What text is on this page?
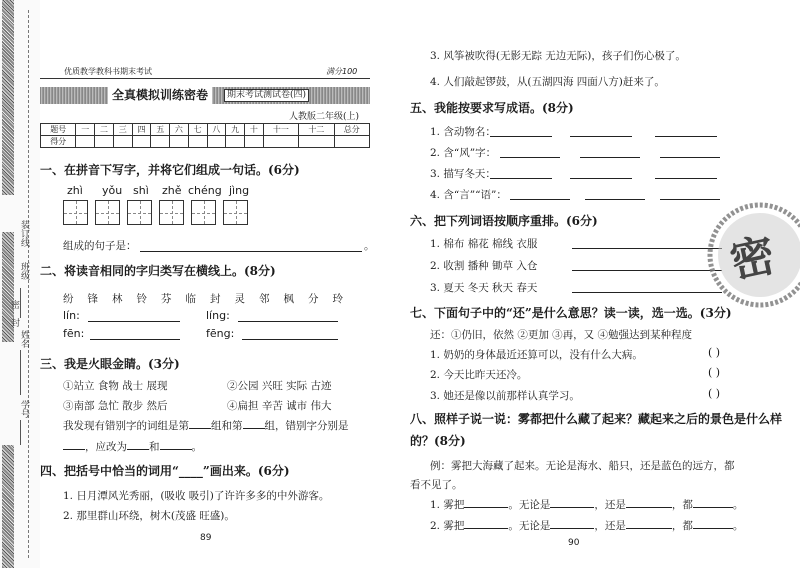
装订线
班级
姓名
学号
密
封
优质教学教科书期末考试	满分100
全真模拟训练密卷	期末考试测试卷(四)
人教版二年级(上)
题号	一	二	三	四	五	六	七	八	九	十	十一	十二	总分
得分													
一、在拼音下写字，并将它们组成一句话。(6分)
zhì yǒu shì zhě chéng jìng
组成的句子是：	。
二、将读音相同的字归类写在横线上。(8分)
纷 锋 林 铃 芬 临 封 灵 邻 枫 分 玲
lín:	líng:
fēn:	fēng:
三、我是火眼金睛。(3分)
①站立 食物 战士 展现	②公园 兴旺 实际 古迹
③南部 急忙 散步 然后	④扁担 辛苦 诚市 伟大
我发现有错别字的词组是第 组和第 组，错别字分别是
，应改为 和	。
四、把括号中恰当的词用“____”画出来。(6分)
1. 日月潭风光秀丽，(吸收 吸引)了许许多多的中外游客。
2. 那里群山环绕，树木(茂盛 旺盛)。
89
3. 风筝被吹得(无影无踪 无边无际)，孩子们伤心极了。
4. 人们敲起锣鼓，从(五湖四海 四面八方)赶来了。
五、我能按要求写成语。(8分)
1. 含动物名：
2. 含“风”字：
3. 描写冬天：
4. 含“言”“语”：
六、把下列词语按顺序重排。(6分)
1. 棉布 棉花 棉线 衣服
2. 收割 播种 锄草 入仓
3. 夏天 冬天 秋天 春天
七、下面句子中的“还”是什么意思？读一读，选一选。(3分)
还：①仍旧，依然 ②更加 ③再，又 ④勉强达到某种程度
1. 奶奶的身体最近还算可以，没有什么大病。
2. 今天比昨天还冷。
3. 她还是像以前那样认真学习。
( )
( )
( )
八、照样子说一说：雾都把什么藏了起来？藏起来之后的景色是什么样
的？(8分)
例：雾把大海藏了起来。无论是海水、船只，还是蓝色的远方，都
看不见了。
1. 雾把	。无论是	，还是	，都	。
2. 雾把	。无论是	，还是	，都	。
90
密
